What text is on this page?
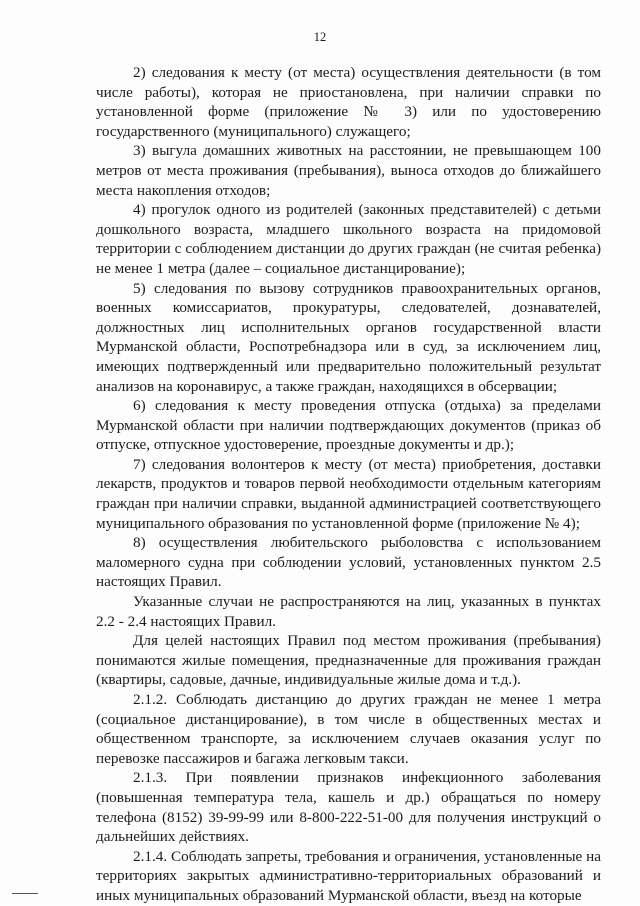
12

2) следования к месту (от места) осуществления деятельности (в том числе работы), которая не приостановлена, при наличии справки по установленной форме (приложение № 3) или по удостоверению государственного (муниципального) служащего;

3) выгула домашних животных на расстоянии, не превышающем 100 метров от места проживания (пребывания), выноса отходов до ближайшего места накопления отходов;

4) прогулок одного из родителей (законных представителей) с детьми дошкольного возраста, младшего школьного возраста на придомовой территории с соблюдением дистанции до других граждан (не считая ребенка) не менее 1 метра (далее – социальное дистанцирование);

5) следования по вызову сотрудников правоохранительных органов, военных комиссариатов, прокуратуры, следователей, дознавателей, должностных лиц исполнительных органов государственной власти Мурманской области, Роспотребнадзора или в суд, за исключением лиц, имеющих подтвержденный или предварительно положительный результат анализов на коронавирус, а также граждан, находящихся в обсервации;

6) следования к месту проведения отпуска (отдыха) за пределами Мурманской области при наличии подтверждающих документов (приказ об отпуске, отпускное удостоверение, проездные документы и др.);

7) следования волонтеров к месту (от места) приобретения, доставки лекарств, продуктов и товаров первой необходимости отдельным категориям граждан при наличии справки, выданной администрацией соответствующего муниципального образования по установленной форме (приложение № 4);

8) осуществления любительского рыболовства с использованием маломерного судна при соблюдении условий, установленных пунктом 2.5 настоящих Правил.

Указанные случаи не распространяются на лиц, указанных в пунктах 2.2 - 2.4 настоящих Правил.

Для целей настоящих Правил под местом проживания (пребывания) понимаются жилые помещения, предназначенные для проживания граждан (квартиры, садовые, дачные, индивидуальные жилые дома и т.д.).

2.1.2. Соблюдать дистанцию до других граждан не менее 1 метра (социальное дистанцирование), в том числе в общественных местах и общественном транспорте, за исключением случаев оказания услуг по перевозке пассажиров и багажа легковым такси.

2.1.3. При появлении признаков инфекционного заболевания (повышенная температура тела, кашель и др.) обращаться по номеру телефона (8152) 39-99-99 или 8-800-222-51-00 для получения инструкций о дальнейших действиях.

2.1.4. Соблюдать запреты, требования и ограничения, установленные на территориях закрытых административно-территориальных образований и иных муниципальных образований Мурманской области, въезд на которые
